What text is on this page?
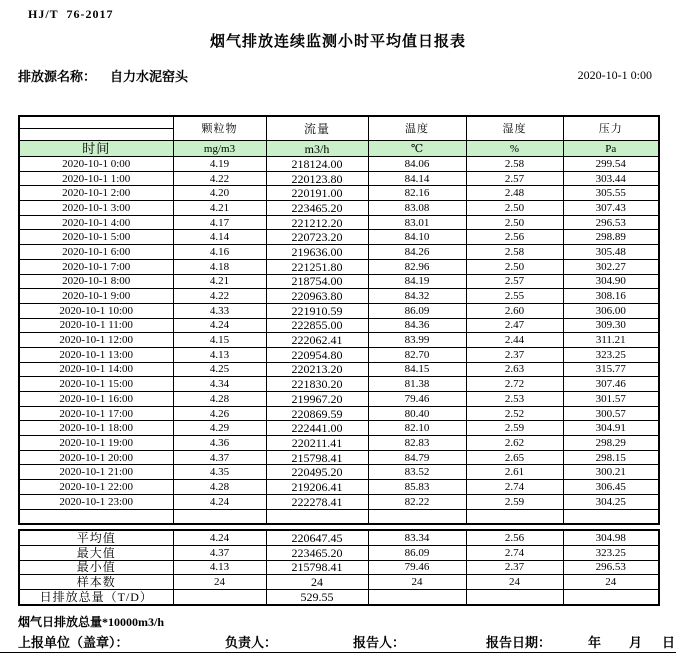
HJ/T  76-2017
烟气排放连续监测小时平均值日报表
排放源名称： 自力水泥窑头	2020-10-1 0:00
	颗粒物	流量	温度	湿度	压力

时间	mg/m3	m3/h	℃	%	Pa
2020-10-1 0:00	4.19	218124.00	84.06	2.58	299.54
2020-10-1 1:00	4.22	220123.80	84.14	2.57	303.44
2020-10-1 2:00	4.20	220191.00	82.16	2.48	305.55
2020-10-1 3:00	4.21	223465.20	83.08	2.50	307.43
2020-10-1 4:00	4.17	221212.20	83.01	2.50	296.53
2020-10-1 5:00	4.14	220723.20	84.10	2.56	298.89
2020-10-1 6:00	4.16	219636.00	84.26	2.58	305.48
2020-10-1 7:00	4.18	221251.80	82.96	2.50	302.27
2020-10-1 8:00	4.21	218754.00	84.19	2.57	304.90
2020-10-1 9:00	4.22	220963.80	84.32	2.55	308.16
2020-10-1 10:00	4.33	221910.59	86.09	2.60	306.00
2020-10-1 11:00	4.24	222855.00	84.36	2.47	309.30
2020-10-1 12:00	4.15	222062.41	83.99	2.44	311.21
2020-10-1 13:00	4.13	220954.80	82.70	2.37	323.25
2020-10-1 14:00	4.25	220213.20	84.15	2.63	315.77
2020-10-1 15:00	4.34	221830.20	81.38	2.72	307.46
2020-10-1 16:00	4.28	219967.20	79.46	2.53	301.57
2020-10-1 17:00	4.26	220869.59	80.40	2.52	300.57
2020-10-1 18:00	4.29	222441.00	82.10	2.59	304.91
2020-10-1 19:00	4.36	220211.41	82.83	2.62	298.29
2020-10-1 20:00	4.37	215798.41	84.79	2.65	298.15
2020-10-1 21:00	4.35	220495.20	83.52	2.61	300.21
2020-10-1 22:00	4.28	219206.41	85.83	2.74	306.45
2020-10-1 23:00	4.24	222278.41	82.22	2.59	304.25

平均值	4.24	220647.45	83.34	2.56	304.98
最大值	4.37	223465.20	86.09	2.74	323.25
最小值	4.13	215798.41	79.46	2.37	296.53
样本数	24	24	24	24	24
日排放总量（T/D）		529.55			
烟气日排放总量*10000m3/h
上报单位（盖章）：	负责人：	报告人：	报告日期：	年 月 日
